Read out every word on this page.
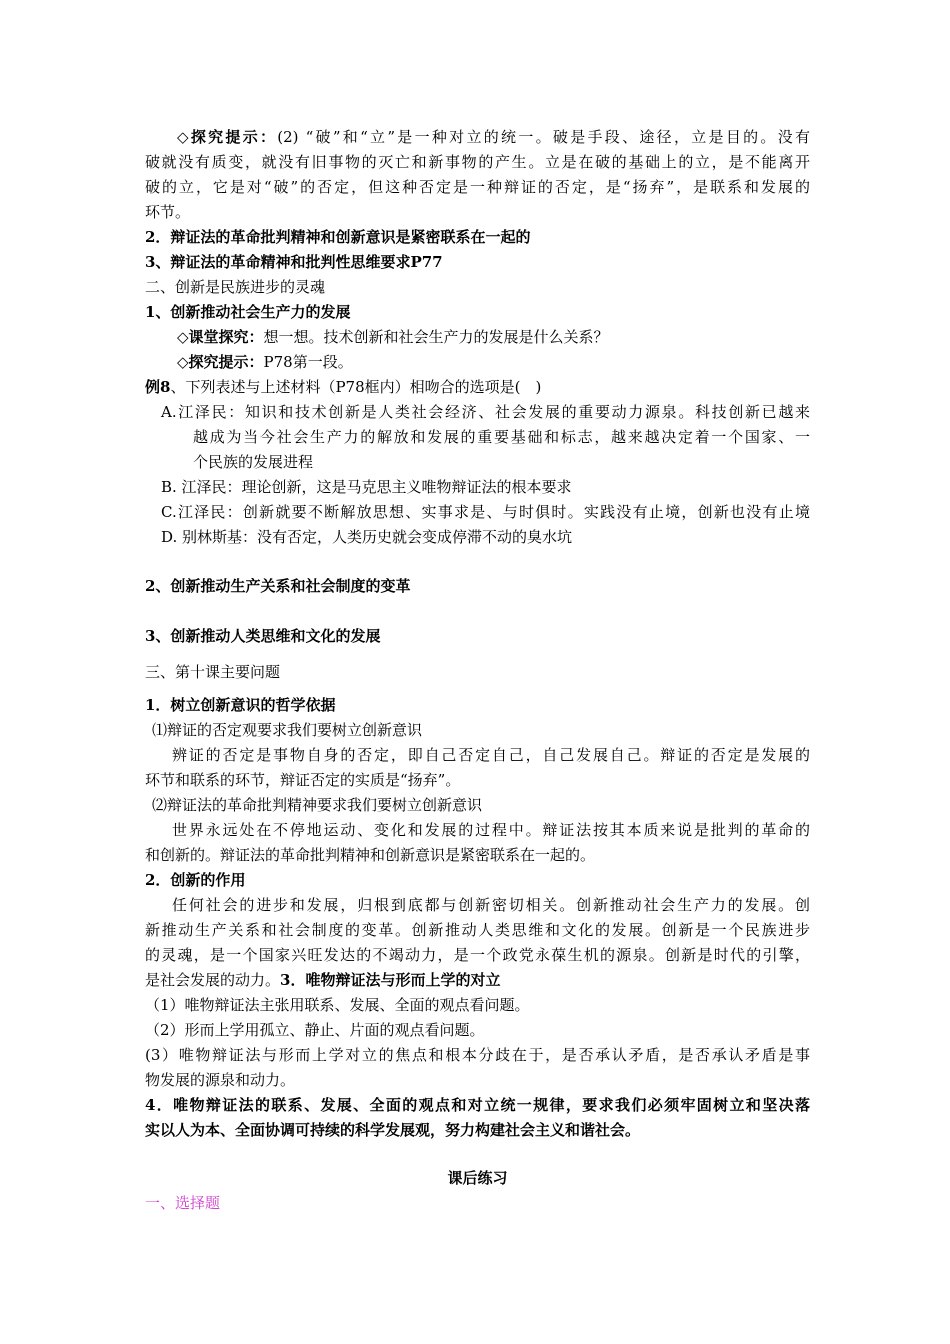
◇探究提示：(2) “破”和“立”是一种对立的统一。破是手段、途径，立是目的。没有
破就没有质变，就没有旧事物的灭亡和新事物的产生。立是在破的基础上的立，是不能离开
破的立，它是对“破”的否定，但这种否定是一种辩证的否定，是“扬弃”，是联系和发展的
环节。
2．辩证法的革命批判精神和创新意识是紧密联系在一起的
3、辩证法的革命精神和批判性思维要求P77
二、创新是民族进步的灵魂
1、创新推动社会生产力的发展
◇课堂探究：想一想。技术创新和社会生产力的发展是什么关系？
◇探究提示：P78第一段。
例8、下列表述与上述材料（P78框内）相吻合的选项是(　)
A.江泽民：知识和技术创新是人类社会经济、社会发展的重要动力源泉。科技创新已越来
越成为当今社会生产力的解放和发展的重要基础和标志，越来越决定着一个国家、一
个民族的发展进程
B. 江泽民：理论创新，这是马克思主义唯物辩证法的根本要求
C.江泽民：创新就要不断解放思想、实事求是、与时俱时。实践没有止境，创新也没有止境
D. 别林斯基：没有否定，人类历史就会变成停滞不动的臭水坑
2、创新推动生产关系和社会制度的变革
3、创新推动人类思维和文化的发展
三、第十课主要问题
1．树立创新意识的哲学依据
⑴辩证的否定观要求我们要树立创新意识
辨证的否定是事物自身的否定，即自己否定自己，自己发展自己。辩证的否定是发展的
环节和联系的环节，辩证否定的实质是“扬弃”。
⑵辩证法的革命批判精神要求我们要树立创新意识
世界永远处在不停地运动、变化和发展的过程中。辩证法按其本质来说是批判的革命的
和创新的。辩证法的革命批判精神和创新意识是紧密联系在一起的。
2．创新的作用
任何社会的进步和发展，归根到底都与创新密切相关。创新推动社会生产力的发展。创
新推动生产关系和社会制度的变革。创新推动人类思维和文化的发展。创新是一个民族进步
的灵魂，是一个国家兴旺发达的不竭动力，是一个政党永葆生机的源泉。创新是时代的引擎，
是社会发展的动力。3．唯物辩证法与形而上学的对立
（1）唯物辩证法主张用联系、发展、全面的观点看问题。
（2）形而上学用孤立、静止、片面的观点看问题。
(3）唯物辩证法与形而上学对立的焦点和根本分歧在于，是否承认矛盾，是否承认矛盾是事
物发展的源泉和动力。
4．唯物辩证法的联系、发展、全面的观点和对立统一规律，要求我们必须牢固树立和坚决落
实以人为本、全面协调可持续的科学发展观，努力构建社会主义和谐社会。
课后练习
一、选择题
